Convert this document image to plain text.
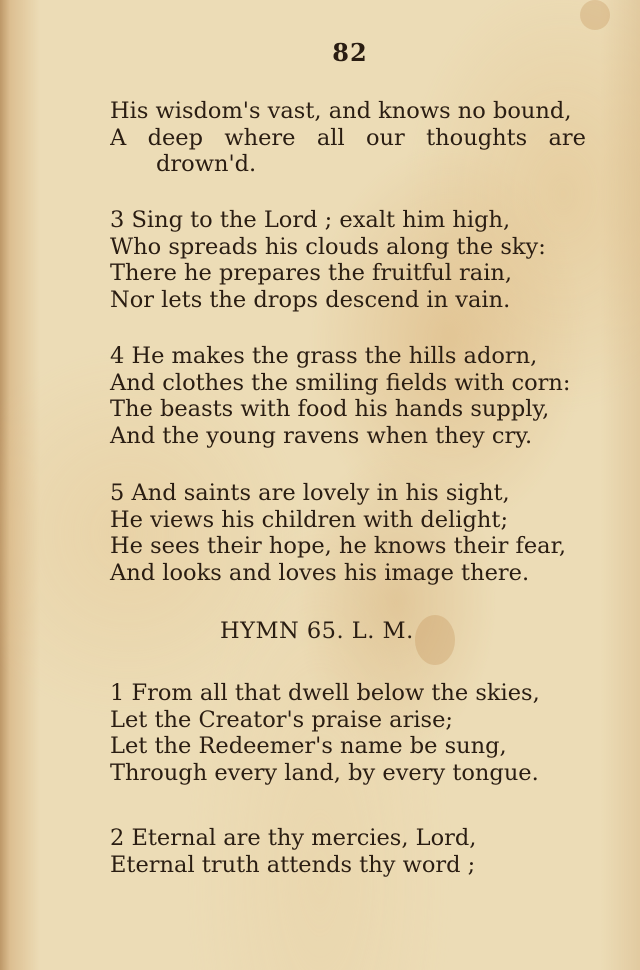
82
His wisdom's vast, and knows no bound,
A deep where all our thoughts are
drown'd.
3 Sing to the Lord ; exalt him high,
Who spreads his clouds along the sky:
There he prepares the fruitful rain,
Nor lets the drops descend in vain.
4 He makes the grass the hills adorn,
And clothes the smiling fields with corn:
The beasts with food his hands supply,
And the young ravens when they cry.
5 And saints are lovely in his sight,
He views his children with delight;
He sees their hope, he knows their fear,
And looks and loves his image there.
HYMN 65. L. M.
1 From all that dwell below the skies,
Let the Creator's praise arise;
Let the Redeemer's name be sung,
Through every land, by every tongue.
2 Eternal are thy mercies, Lord,
Eternal truth attends thy word ;
